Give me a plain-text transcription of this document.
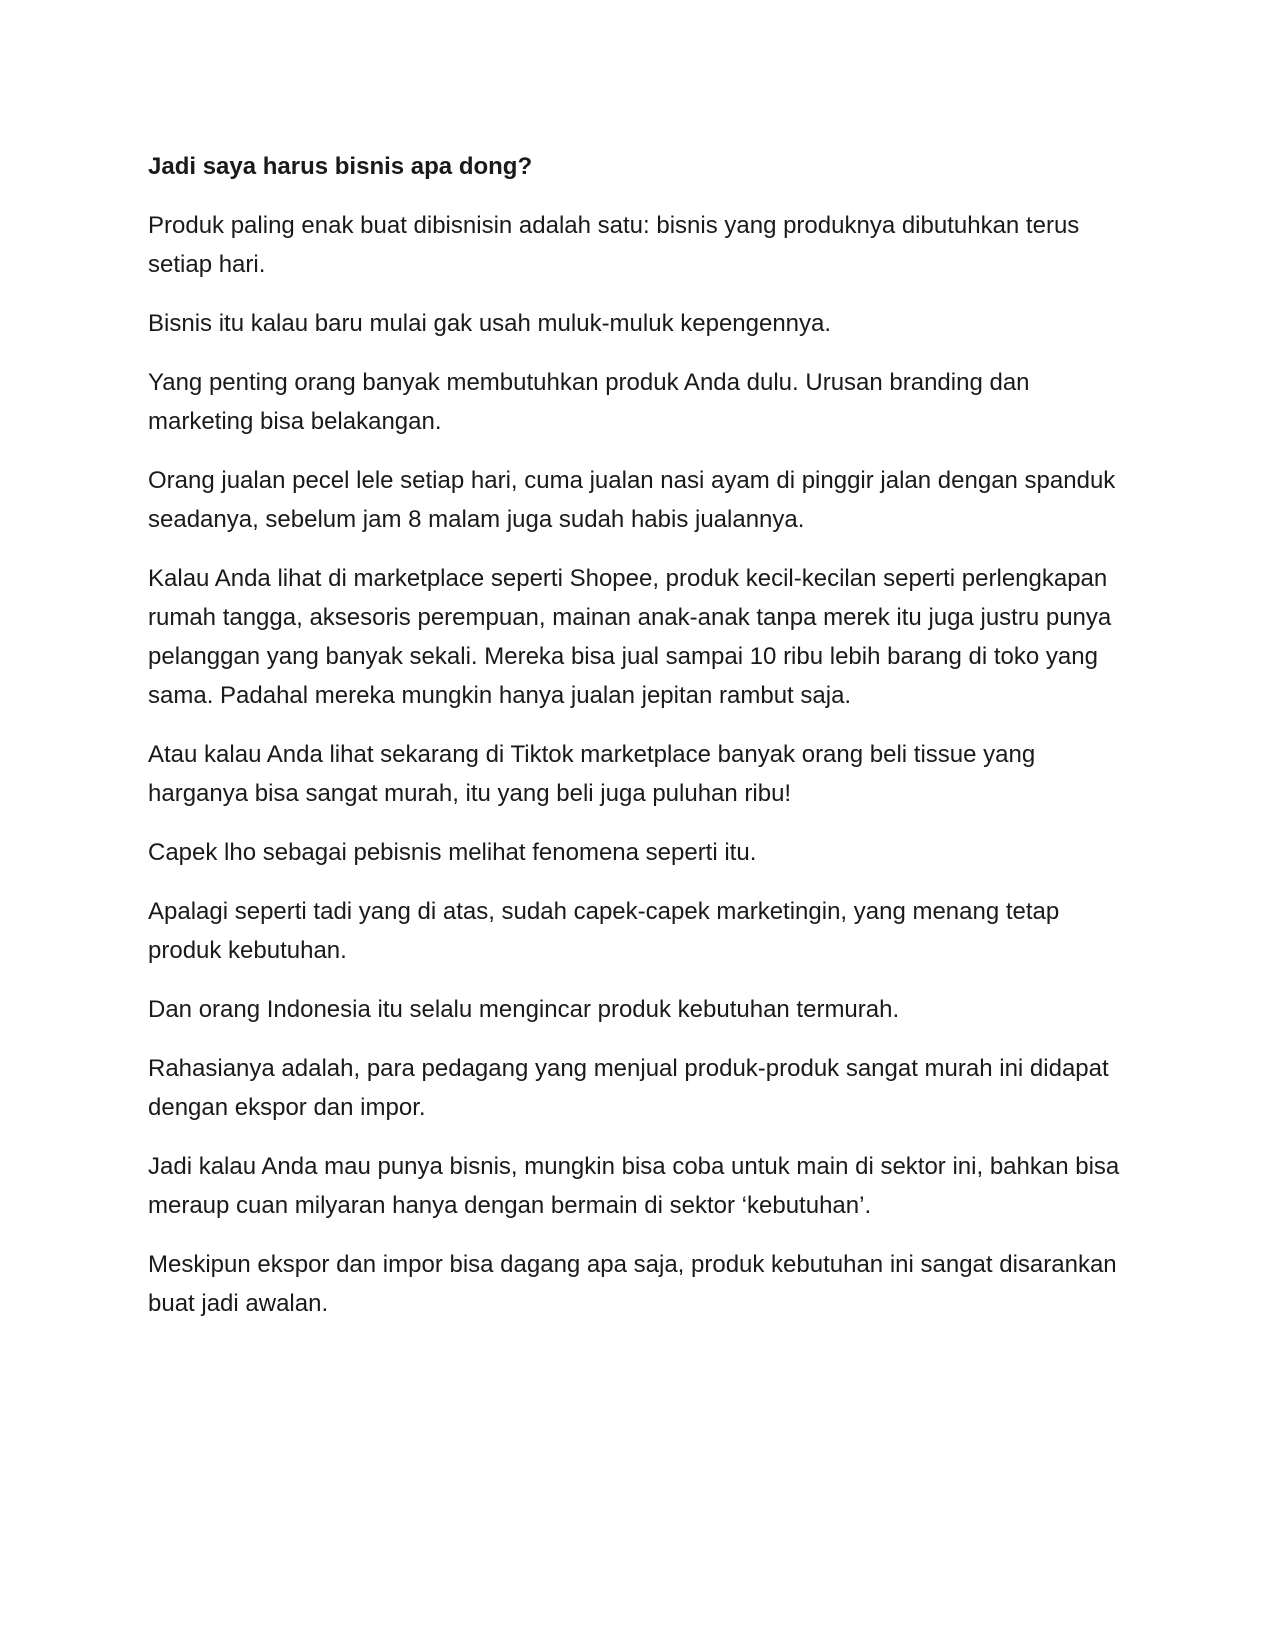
Jadi saya harus bisnis apa dong?

Produk paling enak buat dibisnisin adalah satu: bisnis yang produknya dibutuhkan terus setiap hari.

Bisnis itu kalau baru mulai gak usah muluk-muluk kepengennya.

Yang penting orang banyak membutuhkan produk Anda dulu. Urusan branding dan marketing bisa belakangan.

Orang jualan pecel lele setiap hari, cuma jualan nasi ayam di pinggir jalan dengan spanduk seadanya, sebelum jam 8 malam juga sudah habis jualannya.

Kalau Anda lihat di marketplace seperti Shopee, produk kecil-kecilan seperti perlengkapan rumah tangga, aksesoris perempuan, mainan anak-anak tanpa merek itu juga justru punya pelanggan yang banyak sekali. Mereka bisa jual sampai 10 ribu lebih barang di toko yang sama. Padahal mereka mungkin hanya jualan jepitan rambut saja.

Atau kalau Anda lihat sekarang di Tiktok marketplace banyak orang beli tissue yang harganya bisa sangat murah, itu yang beli juga puluhan ribu!

Capek lho sebagai pebisnis melihat fenomena seperti itu.

Apalagi seperti tadi yang di atas, sudah capek-capek marketingin, yang menang tetap produk kebutuhan.

Dan orang Indonesia itu selalu mengincar produk kebutuhan termurah.

Rahasianya adalah, para pedagang yang menjual produk-produk sangat murah ini didapat dengan ekspor dan impor.

Jadi kalau Anda mau punya bisnis, mungkin bisa coba untuk main di sektor ini, bahkan bisa meraup cuan milyaran hanya dengan bermain di sektor ‘kebutuhan’.

Meskipun ekspor dan impor bisa dagang apa saja, produk kebutuhan ini sangat disarankan buat jadi awalan.
